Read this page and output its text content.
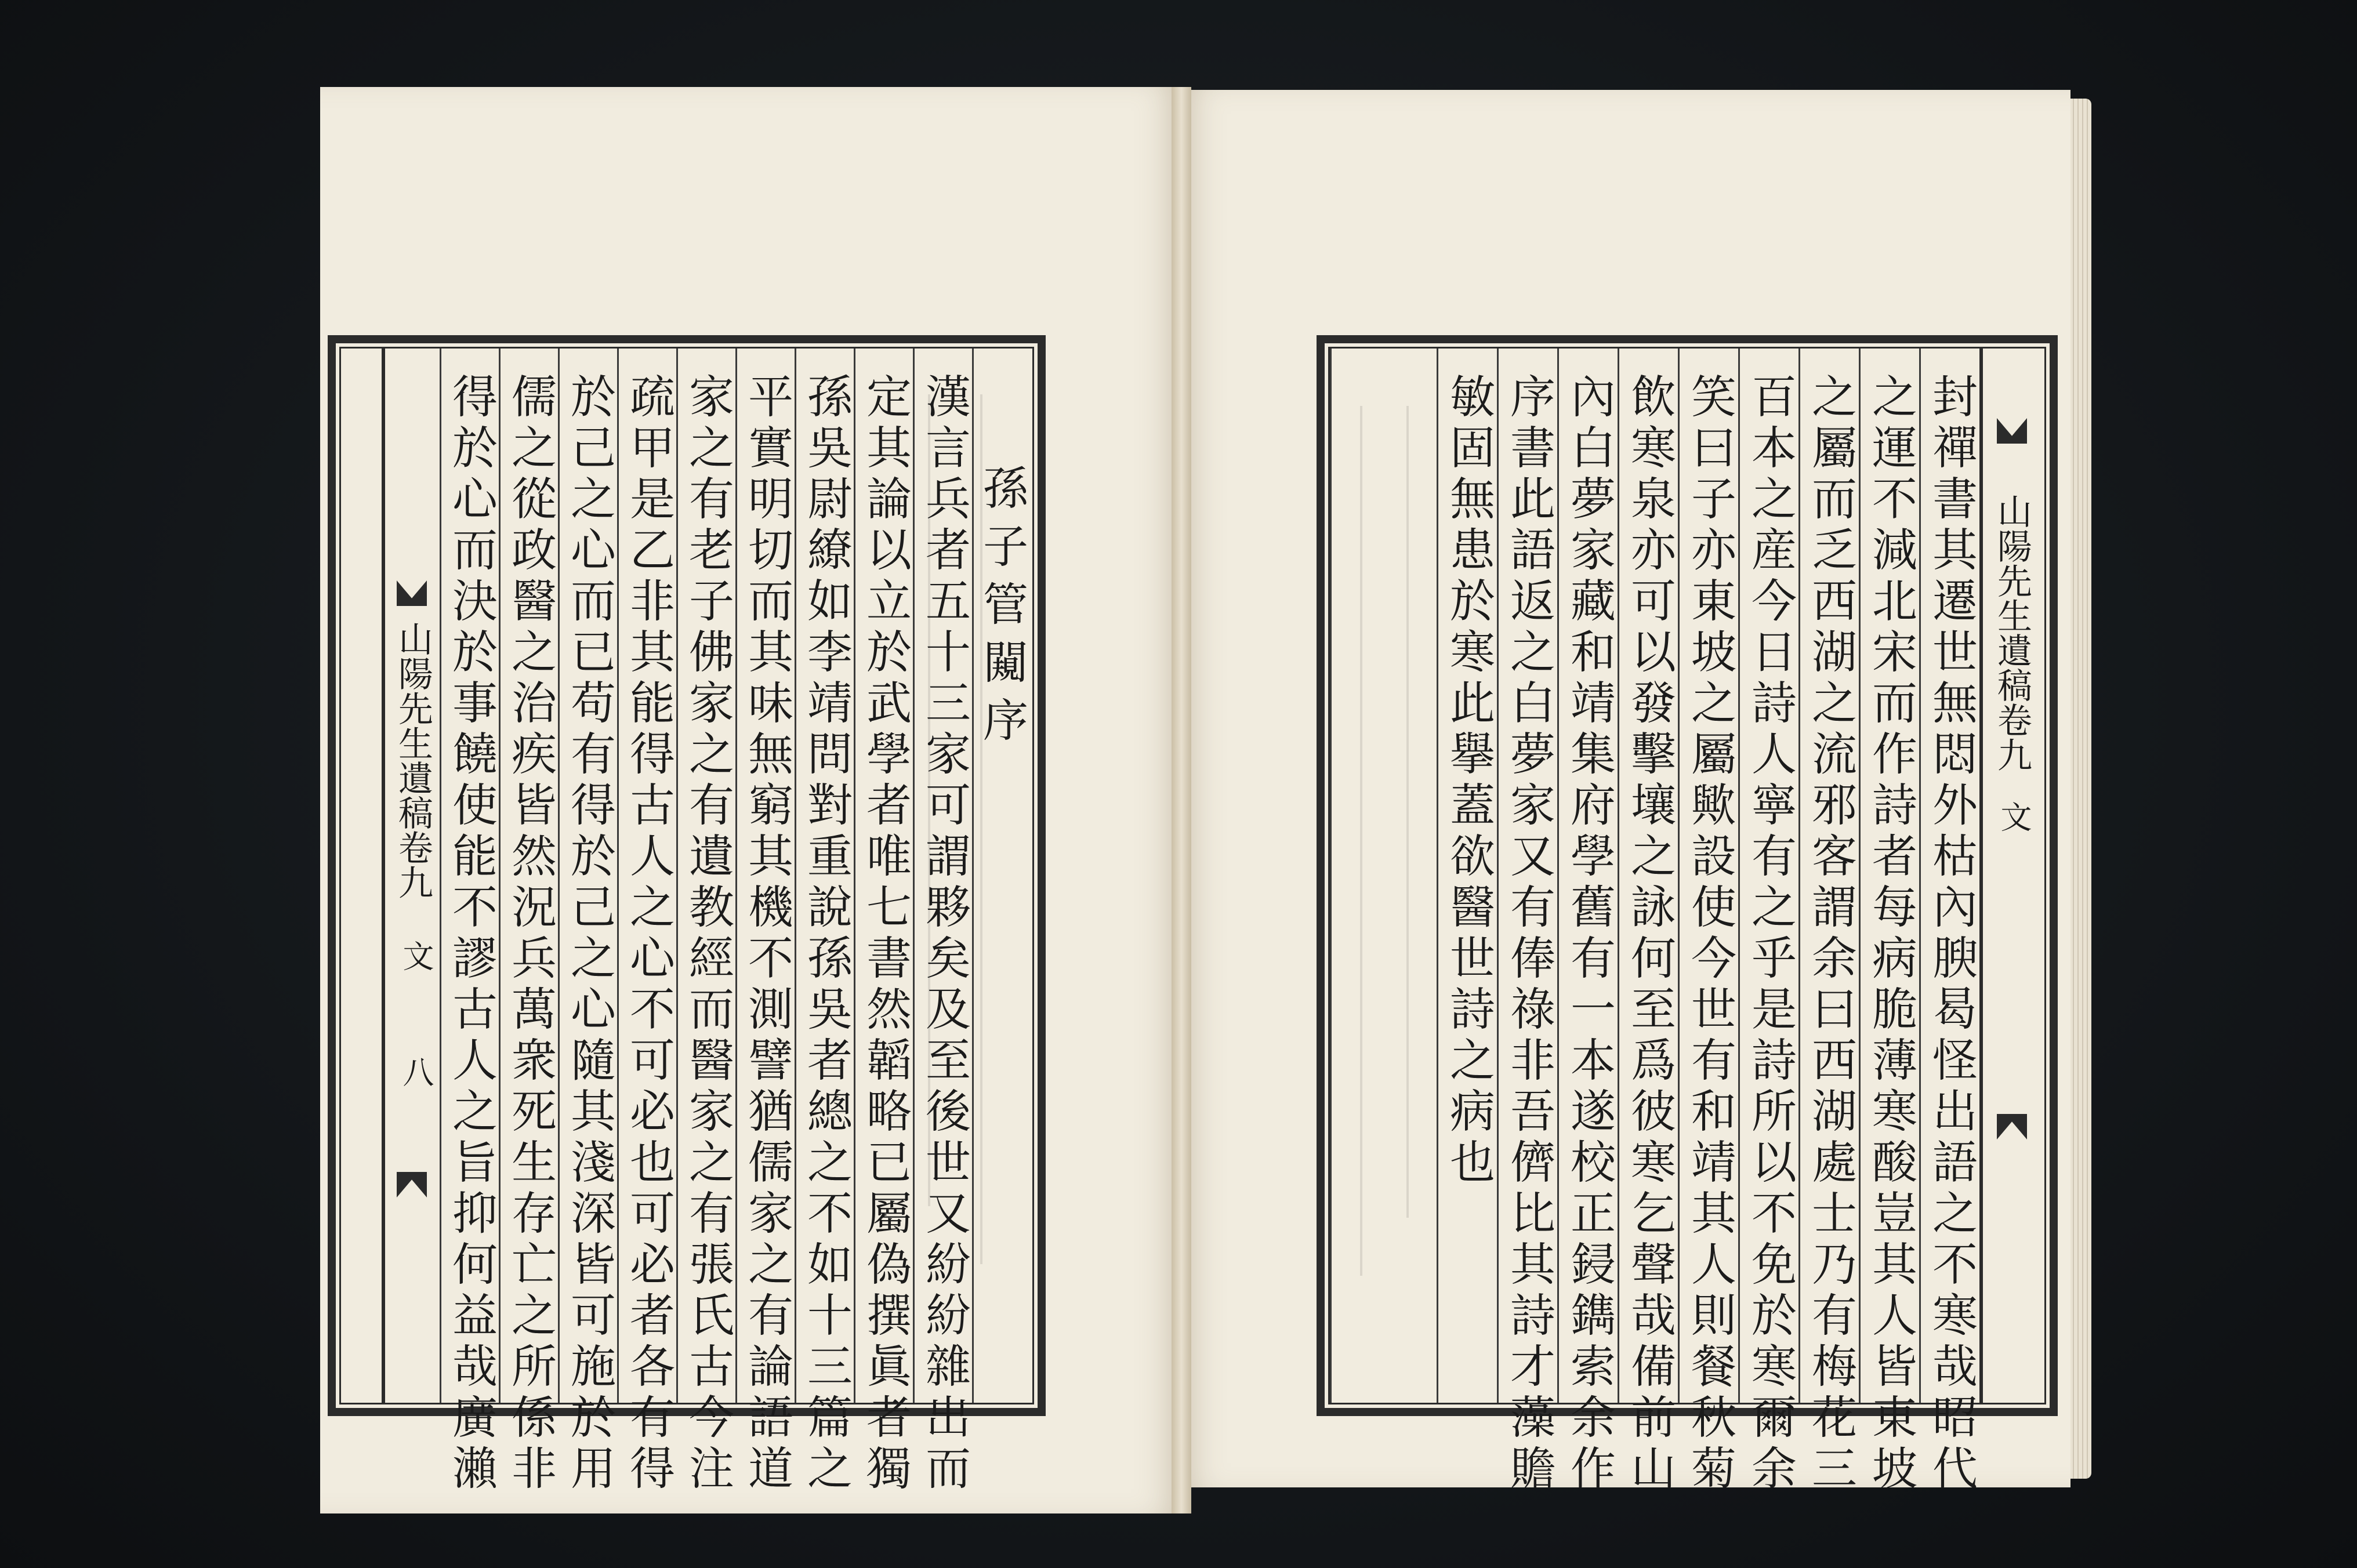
孫子管闚序
漢言兵者五十三家可謂夥矣及至後世又紛紛雜出而
定其論以立於武學者唯七書然韜略已屬偽撰眞者獨
孫吳尉繚如李靖問對重說孫吳者總之不如十三篇之
平實明切而其味無窮其機不測譬猶儒家之有論語道
家之有老子佛家之有遺教經而醫家之有張氏古今注
疏甲是乙非其能得古人之心不可必也可必者各有得
於己之心而已苟有得於己之心隨其淺深皆可施於用
儒之從政醫之治疾皆然況兵萬衆死生存亡之所係非
得於心而決於事饒使能不謬古人之旨抑何益哉廣瀨
山陽先生遺稿卷九
文
八
山陽先生遺稿卷九
文
封禪書其遷世無悶外枯內腴曷怪出語之不寒哉昭代
之運不減北宋而作詩者每病脆薄寒酸豈其人皆東坡
之屬而乏西湖之流邪客謂余曰西湖處士乃有梅花三
百本之産今日詩人寧有之乎是詩所以不免於寒爾余
笑曰子亦東坡之屬歟設使今世有和靖其人則餐秋菊
飲寒泉亦可以發擊壤之詠何至爲彼寒乞聲哉備前山
內白夢家藏和靖集府學舊有一本遂校正鋟鐫索余作
序書此語返之白夢家又有俸祿非吾儕比其詩才藻贍
敏固無患於寒此擧蓋欲醫世詩之病也
